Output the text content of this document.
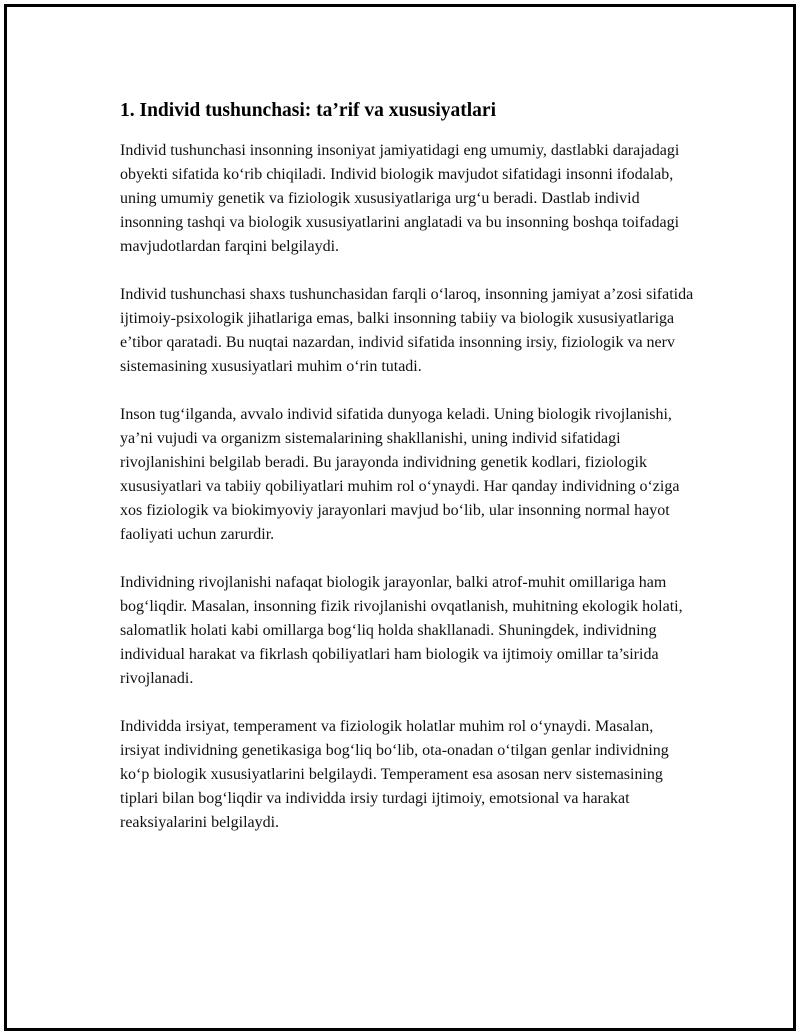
1. Individ tushunchasi: ta’rif va xususiyatlari

Individ tushunchasi insonning insoniyat jamiyatidagi eng umumiy, dastlabki darajadagi obyekti sifatida ko‘rib chiqiladi. Individ biologik mavjudot sifatidagi insonni ifodalab, uning umumiy genetik va fiziologik xususiyatlariga urg‘u beradi. Dastlab individ insonning tashqi va biologik xususiyatlarini anglatadi va bu insonning boshqa toifadagi mavjudotlardan farqini belgilaydi.

Individ tushunchasi shaxs tushunchasidan farqli o‘laroq, insonning jamiyat a’zosi sifatida ijtimoiy-psixologik jihatlariga emas, balki insonning tabiiy va biologik xususiyatlariga e’tibor qaratadi. Bu nuqtai nazardan, individ sifatida insonning irsiy, fiziologik va nerv sistemasining xususiyatlari muhim o‘rin tutadi.

Inson tug‘ilganda, avvalo individ sifatida dunyoga keladi. Uning biologik rivojlanishi, ya’ni vujudi va organizm sistemalarining shakllanishi, uning individ sifatidagi rivojlanishini belgilab beradi. Bu jarayonda individning genetik kodlari, fiziologik xususiyatlari va tabiiy qobiliyatlari muhim rol o‘ynaydi. Har qanday individning o‘ziga xos fiziologik va biokimyoviy jarayonlari mavjud bo‘lib, ular insonning normal hayot faoliyati uchun zarurdir.

Individning rivojlanishi nafaqat biologik jarayonlar, balki atrof-muhit omillariga ham bog‘liqdir. Masalan, insonning fizik rivojlanishi ovqatlanish, muhitning ekologik holati, salomatlik holati kabi omillarga bog‘liq holda shakllanadi. Shuningdek, individning individual harakat va fikrlash qobiliyatlari ham biologik va ijtimoiy omillar ta’sirida rivojlanadi.

Individda irsiyat, temperament va fiziologik holatlar muhim rol o‘ynaydi. Masalan, irsiyat individning genetikasiga bog‘liq bo‘lib, ota-onadan o‘tilgan genlar individning ko‘p biologik xususiyatlarini belgilaydi. Temperament esa asosan nerv sistemasining tiplari bilan bog‘liqdir va individda irsiy turdagi ijtimoiy, emotsional va harakat reaksiyalarini belgilaydi.
